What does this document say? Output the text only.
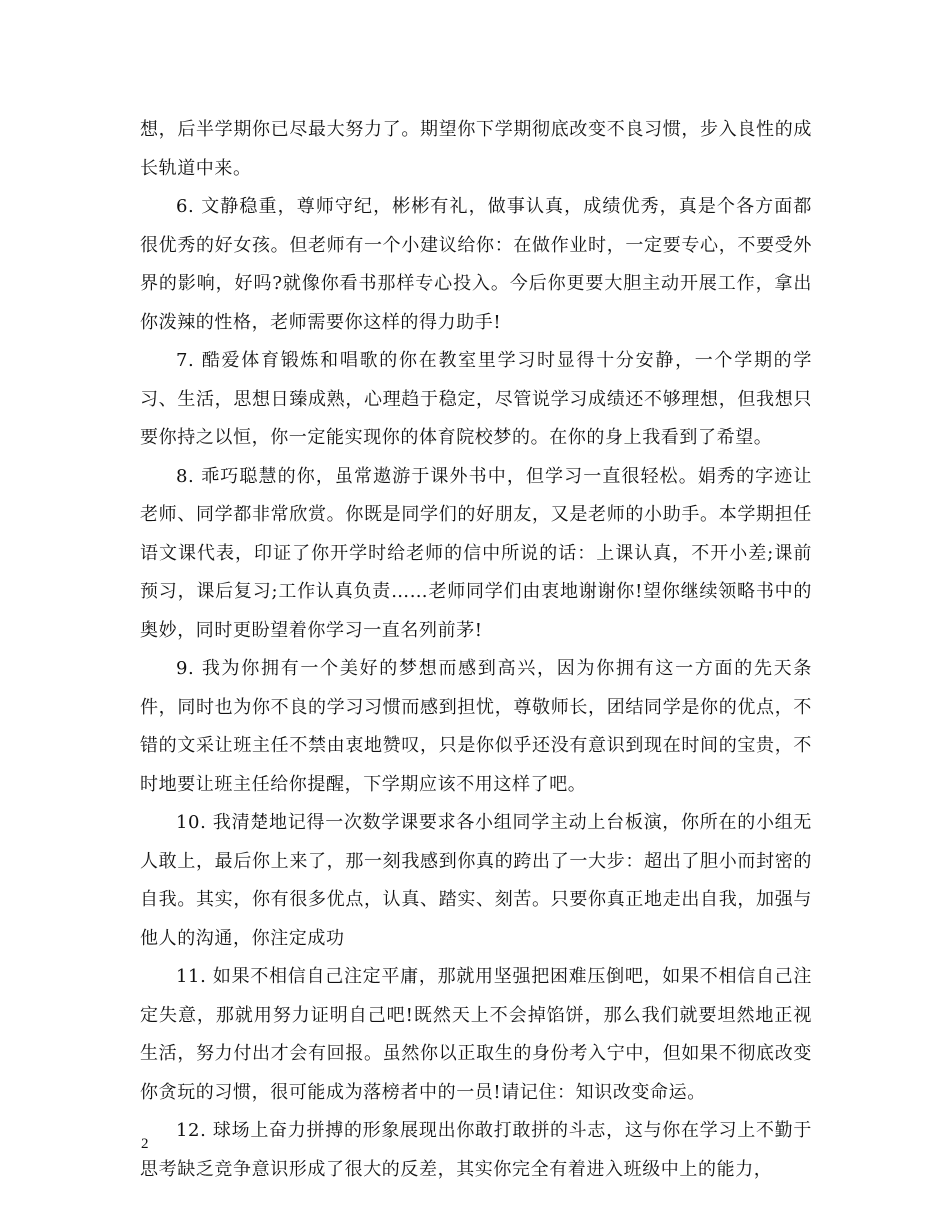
想，后半学期你已尽最大努力了。期望你下学期彻底改变不良习惯，步入良性的成长轨道中来。

6. 文静稳重，尊师守纪，彬彬有礼，做事认真，成绩优秀，真是个各方面都很优秀的好女孩。但老师有一个小建议给你：在做作业时，一定要专心，不要受外界的影响，好吗?就像你看书那样专心投入。今后你更要大胆主动开展工作，拿出你泼辣的性格，老师需要你这样的得力助手!

7. 酷爱体育锻炼和唱歌的你在教室里学习时显得十分安静，一个学期的学习、生活，思想日臻成熟，心理趋于稳定，尽管说学习成绩还不够理想，但我想只要你持之以恒，你一定能实现你的体育院校梦的。在你的身上我看到了希望。

8. 乖巧聪慧的你，虽常遨游于课外书中，但学习一直很轻松。娟秀的字迹让老师、同学都非常欣赏。你既是同学们的好朋友，又是老师的小助手。本学期担任语文课代表，印证了你开学时给老师的信中所说的话：上课认真，不开小差;课前预习，课后复习;工作认真负责……老师同学们由衷地谢谢你!望你继续领略书中的奥妙，同时更盼望着你学习一直名列前茅!

9. 我为你拥有一个美好的梦想而感到高兴，因为你拥有这一方面的先天条件，同时也为你不良的学习习惯而感到担忧，尊敬师长，团结同学是你的优点，不错的文采让班主任不禁由衷地赞叹，只是你似乎还没有意识到现在时间的宝贵，不时地要让班主任给你提醒，下学期应该不用这样了吧。

10. 我清楚地记得一次数学课要求各小组同学主动上台板演，你所在的小组无人敢上，最后你上来了，那一刻我感到你真的跨出了一大步：超出了胆小而封密的自我。其实，你有很多优点，认真、踏实、刻苦。只要你真正地走出自我，加强与他人的沟通，你注定成功

11. 如果不相信自己注定平庸，那就用坚强把困难压倒吧，如果不相信自己注定失意，那就用努力证明自己吧!既然天上不会掉馅饼，那么我们就要坦然地正视生活，努力付出才会有回报。虽然你以正取生的身份考入宁中，但如果不彻底改变你贪玩的习惯，很可能成为落榜者中的一员!请记住：知识改变命运。

12. 球场上奋力拼搏的形象展现出你敢打敢拼的斗志，这与你在学习上不勤于思考缺乏竞争意识形成了很大的反差，其实你完全有着进入班级中上的能力，

2
